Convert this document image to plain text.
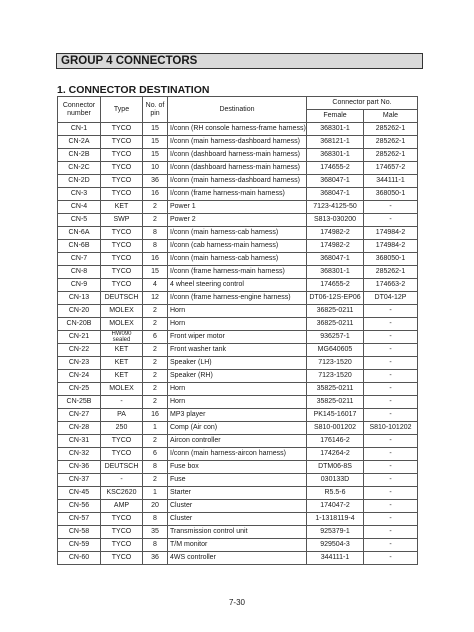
GROUP 4 CONNECTORS
1. CONNECTOR DESTINATION
Connector number	Type	No. of pin	Destination	Connector part No.	
				Female	Male
CN-1	TYCO	15	I/conn (RH console harness-frame harness)	368301-1	285262-1
CN-2A	TYCO	15	I/conn (main harness-dashboard harness)	368121-1	285262-1
CN-2B	TYCO	15	I/conn (dashboard harness-main harness)	368301-1	285262-1
CN-2C	TYCO	10	I/conn (dashboard harness-main harness)	174655-2	174657-2
CN-2D	TYCO	36	I/conn (main harness-dashboard harness)	368047-1	344111-1
CN-3	TYCO	16	I/conn (frame harness-main harness)	368047-1	368050-1
CN-4	KET	2	Power 1	7123-4125-50	-
CN-5	SWP	2	Power 2	S813-030200	-
CN-6A	TYCO	8	I/conn (main harness-cab harness)	174982-2	174984-2
CN-6B	TYCO	8	I/conn (cab harness-main harness)	174982-2	174984-2
CN-7	TYCO	16	I/conn (main harness-cab harness)	368047-1	368050-1
CN-8	TYCO	15	I/conn (frame harness-main harness)	368301-1	285262-1
CN-9	TYCO	4	4 wheel steering control	174655-2	174663-2
CN-13	DEUTSCH	12	I/conn (frame harness-engine harness)	DT06-12S-EP06	DT04-12P
CN-20	MOLEX	2	Horn	36825-0211	-
CN-20B	MOLEX	2	Horn	36825-0211	-
CN-21	HW090 sealed	6	Front wiper motor	936257-1	-
CN-22	KET	2	Front washer tank	MG640605	-
CN-23	KET	2	Speaker (LH)	7123-1520	-
CN-24	KET	2	Speaker (RH)	7123-1520	-
CN-25	MOLEX	2	Horn	35825-0211	-
CN-25B	-	2	Horn	35825-0211	-
CN-27	PA	16	MP3 player	PK145-16017	-
CN-28	250	1	Comp (Air con)	S810-001202	S810-101202
CN-31	TYCO	2	Aircon controller	176146-2	-
CN-32	TYCO	6	I/conn (main harness-aircon harness)	174264-2	-
CN-36	DEUTSCH	8	Fuse box	DTM06-8S	-
CN-37	-	2	Fuse	030133D	-
CN-45	KSC2620	1	Starter	R5.5-6	-
CN-56	AMP	20	Cluster	174047-2	-
CN-57	TYCO	8	Cluster	1-1318119-4	-
CN-58	TYCO	35	Transmission control unit	925379-1	-
CN-59	TYCO	8	T/M monitor	929504-3	-
CN-60	TYCO	36	4WS controller	344111-1	-
7-30
